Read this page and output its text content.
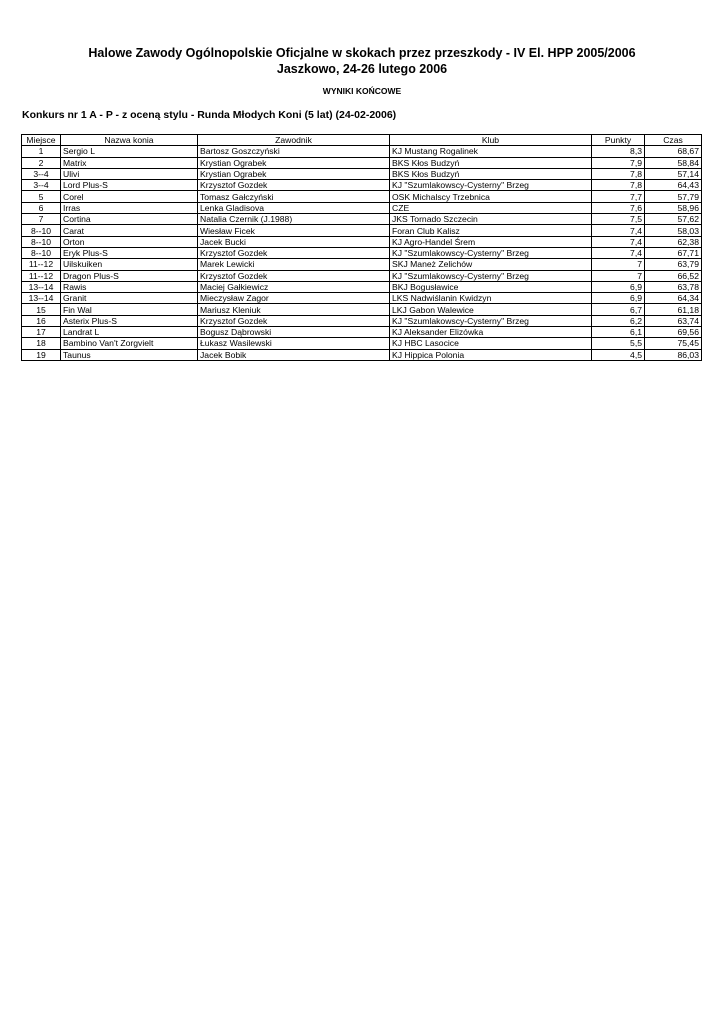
Halowe Zawody Ogólnopolskie Oficjalne w skokach przez przeszkody - IV El. HPP 2005/2006
Jaszkowo, 24-26 lutego 2006
WYNIKI KOŃCOWE
Konkurs nr 1 A - P - z oceną stylu - Runda Młodych Koni (5 lat) (24-02-2006)
Miejsce	Nazwa konia	Zawodnik	Klub	Punkty	Czas
1	Sergio L	Bartosz Goszczyński	KJ Mustang Rogalinek	8,3	68,67
2	Matrix	Krystian Ograbek	BKS Kłos Budzyń	7,9	58,84
3--4	Ulivi	Krystian Ograbek	BKS Kłos Budzyń	7,8	57,14
3--4	Lord Plus-S	Krzysztof Gozdek	KJ "Szumlakowscy-Cysterny" Brzeg	7,8	64,43
5	Corel	Tomasz Gałczyński	OSK Michalscy Trzebnica	7,7	57,79
6	Irras	Lenka Gladisova	CZE	7,6	58,96
7	Cortina	Natalia Czernik (J.1988)	JKS Tornado Szczecin	7,5	57,62
8--10	Carat	Wiesław Ficek	Foran Club Kalisz	7,4	58,03
8--10	Orton	Jacek Bucki	KJ Agro-Handel Śrem	7,4	62,38
8--10	Eryk Plus-S	Krzysztof Gozdek	KJ "Szumlakowscy-Cysterny" Brzeg	7,4	67,71
11--12	Uilskuiken	Marek Lewicki	SKJ Maneż Zelichów	7	63,79
11--12	Dragon Plus-S	Krzysztof Gozdek	KJ "Szumlakowscy-Cysterny" Brzeg	7	66,52
13--14	Rawis	Maciej Gałkiewicz	BKJ Bogusławice	6,9	63,78
13--14	Granit	Mieczysław Zagor	LKS Nadwiślanin Kwidzyn	6,9	64,34
15	Fin Wal	Mariusz Kleniuk	LKJ Gabon Walewice	6,7	61,18
16	Asterix Plus-S	Krzysztof Gozdek	KJ "Szumlakowscy-Cysterny" Brzeg	6,2	63,74
17	Landrat L	Bogusz Dąbrowski	KJ Aleksander Elizówka	6,1	69,56
18	Bambino Van't Zorgvielt	Łukasz Wasilewski	KJ HBC Lasocice	5,5	75,45
19	Taunus	Jacek Bobik	KJ Hippica Polonia	4,5	86,03
